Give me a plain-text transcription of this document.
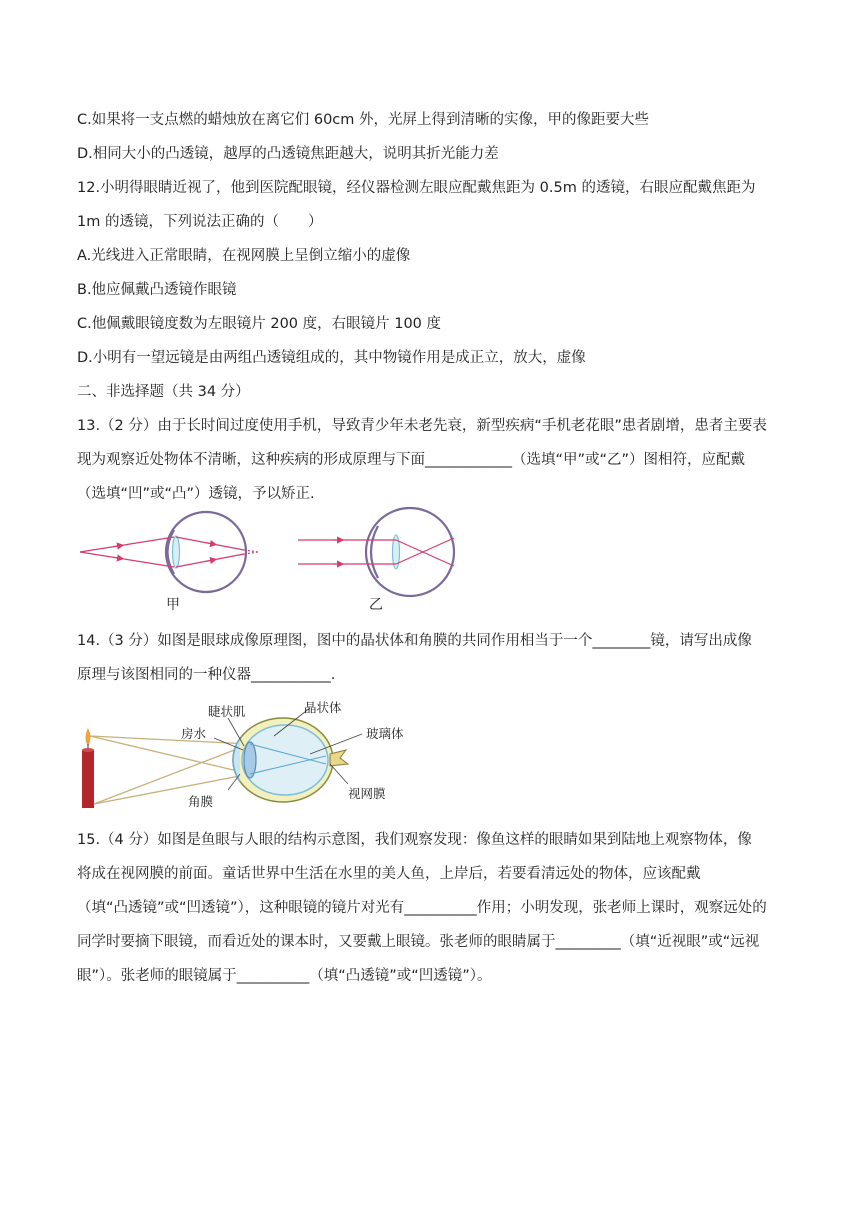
C.如果将一支点燃的蜡烛放在离它们 60cm 外，光屏上得到清晰的实像，甲的像距要大些
D.相同大小的凸透镜，越厚的凸透镜焦距越大，说明其折光能力差
12.小明得眼睛近视了，他到医院配眼镜，经仪器检测左眼应配戴焦距为 0.5m 的透镜，右眼应配戴焦距为
1m 的透镜，下列说法正确的（　　）
A.光线进入正常眼睛，在视网膜上呈倒立缩小的虚像
B.他应佩戴凸透镜作眼镜
C.他佩戴眼镜度数为左眼镜片 200 度，右眼镜片 100 度
D.小明有一望远镜是由两组凸透镜组成的，其中物镜作用是成正立，放大，虚像
二、非选择题（共 34 分）
13.（2 分）由于长时间过度使用手机，导致青少年未老先衰，新型疾病“手机老花眼”患者剧增，患者主要表
现为观察近处物体不清晰，这种疾病的形成原理与下面____________（选填“甲”或“乙”）图相符，应配戴
（选填“凹”或“凸”）透镜，予以矫正.
甲	乙
14.（3 分）如图是眼球成像原理图，图中的晶状体和角膜的共同作用相当于一个________镜，请写出成像
原理与该图相同的一种仪器___________.
睫状肌	晶状体
房水	玻璃体
角膜
视网膜
15.（4 分）如图是鱼眼与人眼的结构示意图，我们观察发现：像鱼这样的眼睛如果到陆地上观察物体，像
将成在视网膜的前面。童话世界中生活在水里的美人鱼，上岸后，若要看清远处的物体，应该配戴
（填“凸透镜”或“凹透镜”），这种眼镜的镜片对光有__________作用；小明发现，张老师上课时，观察远处的
同学时要摘下眼镜，而看近处的课本时，又要戴上眼镜。张老师的眼睛属于_________（填“近视眼”或“远视
眼”）。张老师的眼镜属于__________（填“凸透镜”或“凹透镜”）。
